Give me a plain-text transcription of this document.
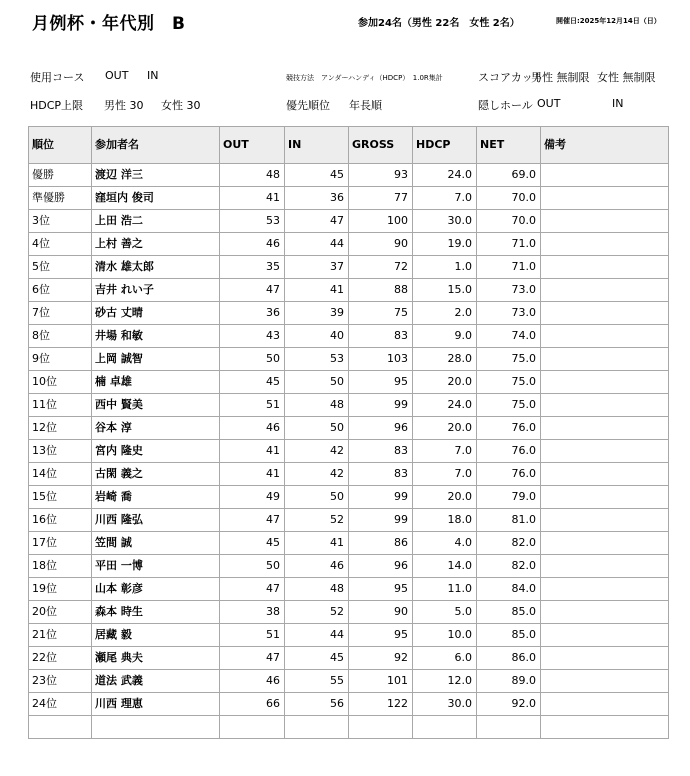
月例杯・年代別　B	参加24名（男性 22名　女性 2名）	開催日:2025年12月14日（日）
使用コース OUT IN	競技方法　アンダーハンディ（HDCP）　1.0R集計	スコアカット
男性 無制限 女性 無制限
HDCP上限 男性 30 女性 30	優先順位 年長順	隠しホール OUT	IN
順位	参加者名	OUT	IN	GROSS	HDCP	NET	備考
優勝	渡辺 洋三	48	45	93	24.0	69.0	
準優勝	窪垣内 俊司	41	36	77	7.0	70.0	
3位	上田 浩二	53	47	100	30.0	70.0	
4位	上村 善之	46	44	90	19.0	71.0	
5位	清水 雄太郎	35	37	72	1.0	71.0	
6位	吉井 れい子	47	41	88	15.0	73.0	
7位	砂古 丈晴	36	39	75	2.0	73.0	
8位	井場 和敏	43	40	83	9.0	74.0	
9位	上岡 誠智	50	53	103	28.0	75.0	
10位	楠 卓雄	45	50	95	20.0	75.0	
11位	西中 賢美	51	48	99	24.0	75.0	
12位	谷本 淳	46	50	96	20.0	76.0	
13位	宮内 隆史	41	42	83	7.0	76.0	
14位	古閑 義之	41	42	83	7.0	76.0	
15位	岩崎 喬	49	50	99	20.0	79.0	
16位	川西 隆弘	47	52	99	18.0	81.0	
17位	笠間 誠	45	41	86	4.0	82.0	
18位	平田 一博	50	46	96	14.0	82.0	
19位	山本 彰彦	47	48	95	11.0	84.0	
20位	森本 時生	38	52	90	5.0	85.0	
21位	居藏 毅	51	44	95	10.0	85.0	
22位	瀬尾 典夫	47	45	92	6.0	86.0	
23位	道法 武義	46	55	101	12.0	89.0	
24位	川西 理恵	66	56	122	30.0	92.0	
